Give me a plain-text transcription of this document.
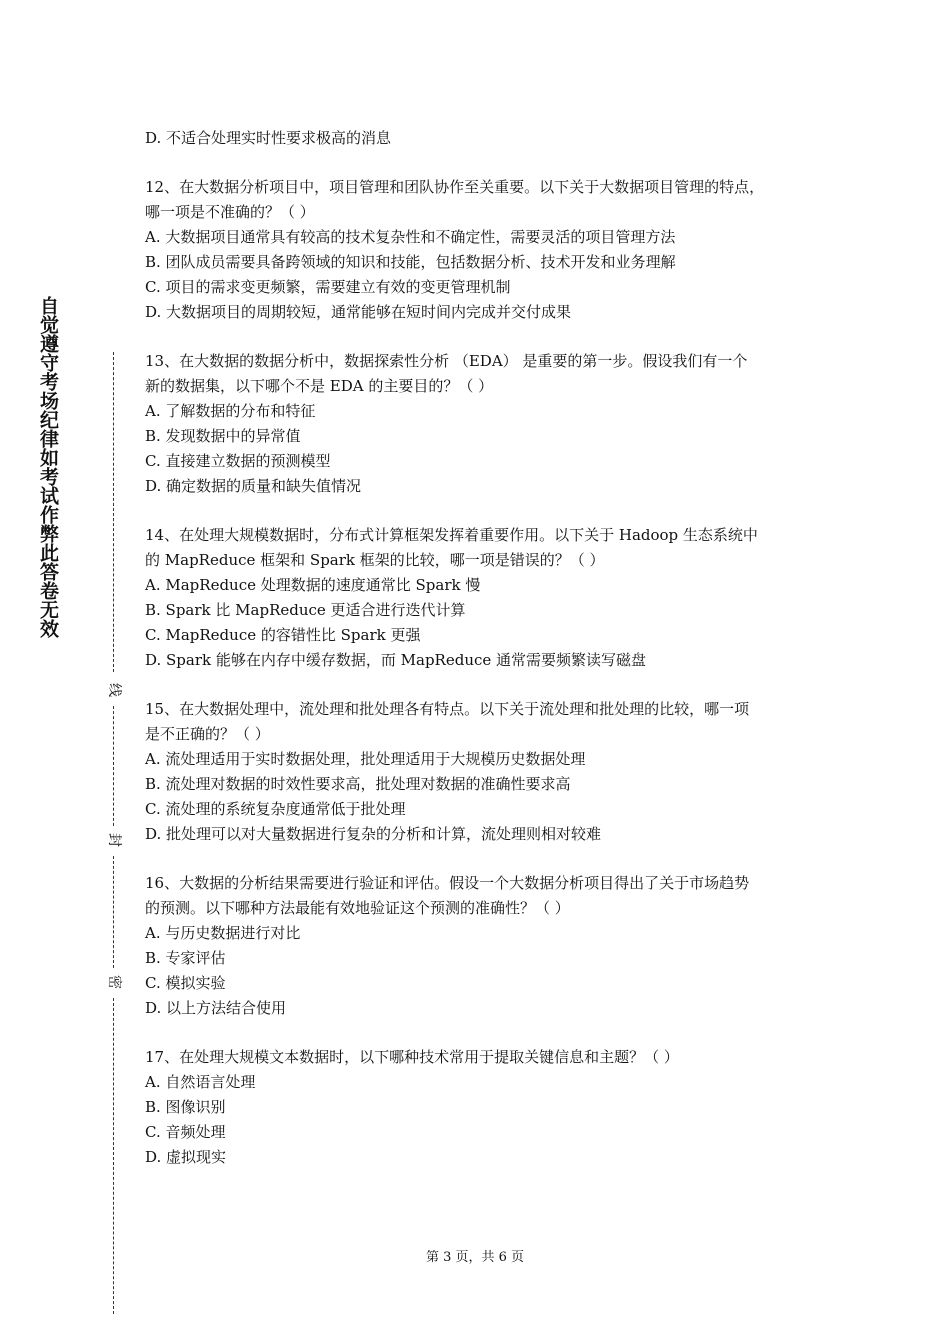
自觉遵守考场纪律如考试作弊此答卷无效
线
封
密
D. 不适合处理实时性要求极高的消息
12、在大数据分析项目中，项目管理和团队协作至关重要。以下关于大数据项目管理的特点，
哪一项是不准确的？（ ）
A. 大数据项目通常具有较高的技术复杂性和不确定性，需要灵活的项目管理方法
B. 团队成员需要具备跨领域的知识和技能，包括数据分析、技术开发和业务理解
C. 项目的需求变更频繁，需要建立有效的变更管理机制
D. 大数据项目的周期较短，通常能够在短时间内完成并交付成果
13、在大数据的数据分析中，数据探索性分析 （EDA） 是重要的第一步。假设我们有一个
新的数据集，以下哪个不是 EDA 的主要目的？（ ）
A. 了解数据的分布和特征
B. 发现数据中的异常值
C. 直接建立数据的预测模型
D. 确定数据的质量和缺失值情况
14、在处理大规模数据时，分布式计算框架发挥着重要作用。以下关于 Hadoop 生态系统中
的 MapReduce 框架和 Spark 框架的比较，哪一项是错误的？（ ）
A. MapReduce 处理数据的速度通常比 Spark 慢
B. Spark 比 MapReduce 更适合进行迭代计算
C. MapReduce 的容错性比 Spark 更强
D. Spark 能够在内存中缓存数据，而 MapReduce 通常需要频繁读写磁盘
15、在大数据处理中，流处理和批处理各有特点。以下关于流处理和批处理的比较，哪一项
是不正确的？（ ）
A. 流处理适用于实时数据处理，批处理适用于大规模历史数据处理
B. 流处理对数据的时效性要求高，批处理对数据的准确性要求高
C. 流处理的系统复杂度通常低于批处理
D. 批处理可以对大量数据进行复杂的分析和计算，流处理则相对较难
16、大数据的分析结果需要进行验证和评估。假设一个大数据分析项目得出了关于市场趋势
的预测。以下哪种方法最能有效地验证这个预测的准确性？（ ）
A. 与历史数据进行对比
B. 专家评估
C. 模拟实验
D. 以上方法结合使用
17、在处理大规模文本数据时，以下哪种技术常用于提取关键信息和主题？（ ）
A. 自然语言处理
B. 图像识别
C. 音频处理
D. 虚拟现实
第 3 页，共 6 页
